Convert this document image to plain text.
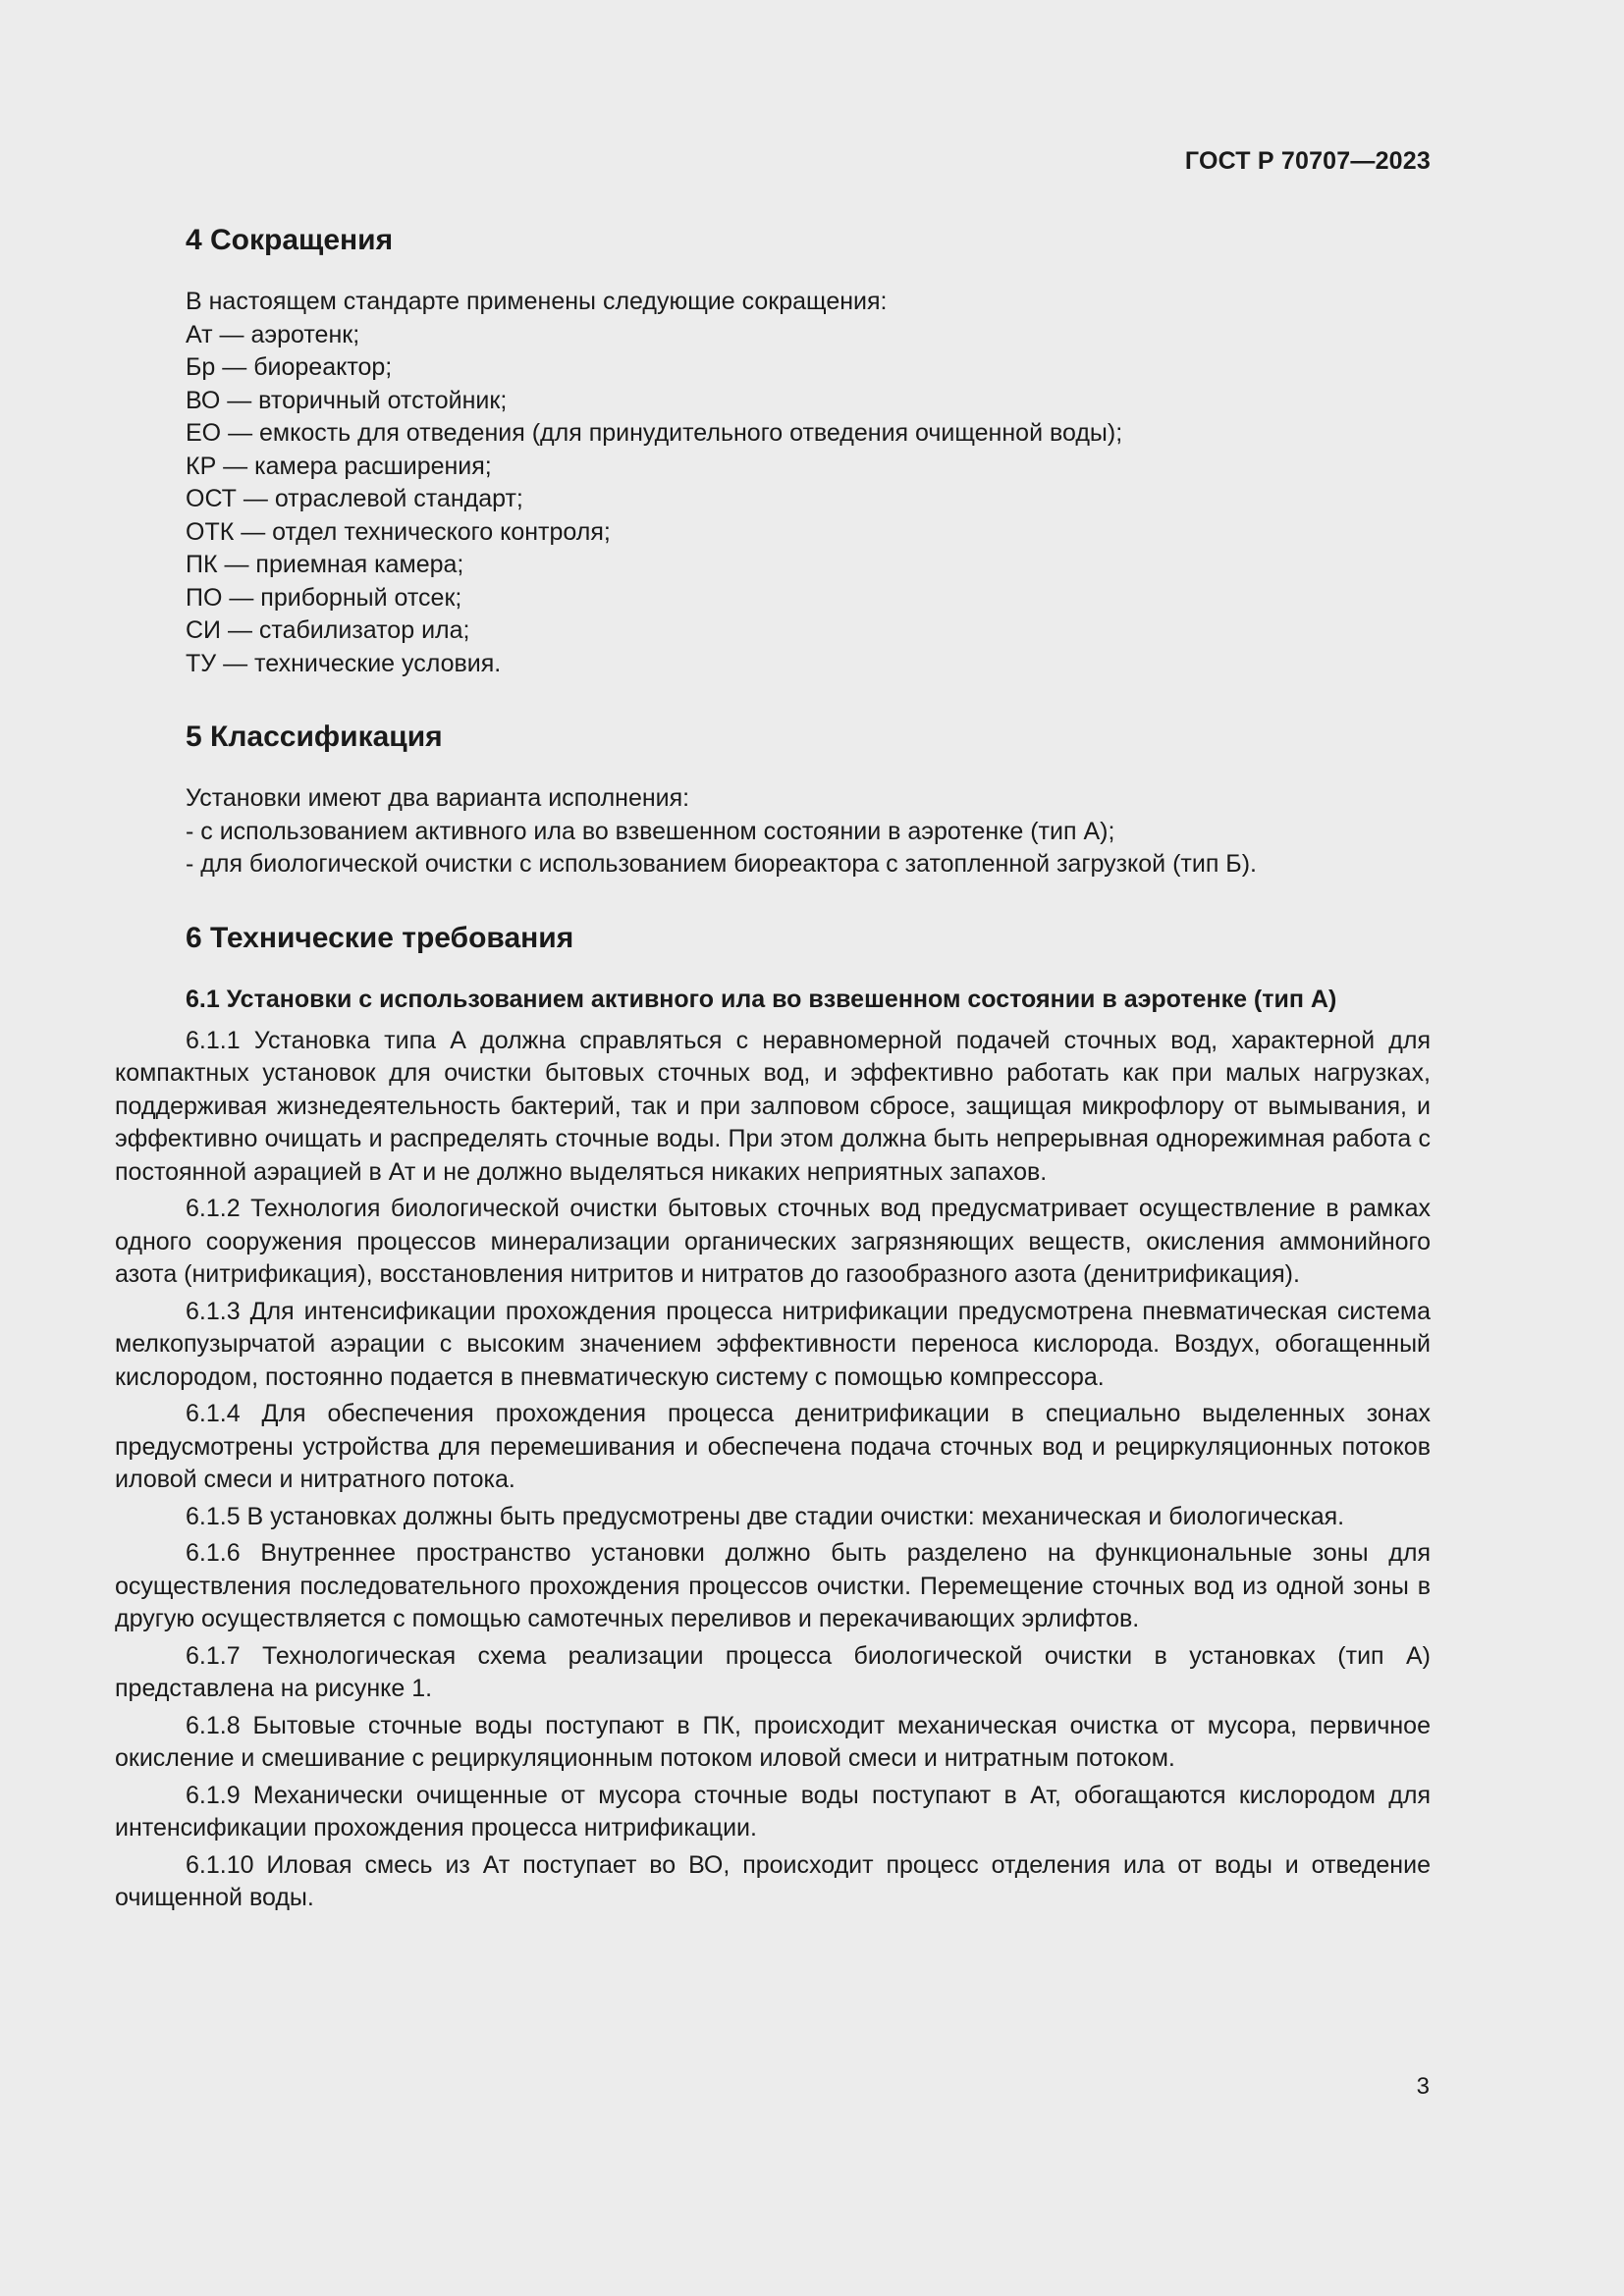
ГОСТ Р 70707—2023
4 Сокращения

В настоящем стандарте применены следующие сокращения:

Ат — аэротенк;

Бр — биореактор;

ВО — вторичный отстойник;

ЕО — емкость для отведения (для принудительного отведения очищенной воды);

КР — камера расширения;

ОСТ — отраслевой стандарт;

ОТК — отдел технического контроля;

ПК — приемная камера;

ПО — приборный отсек;

СИ — стабилизатор ила;

ТУ — технические условия.

5 Классификация

Установки имеют два варианта исполнения:

- с использованием активного ила во взвешенном состоянии в аэротенке (тип А);

- для биологической очистки с использованием биореактора с затопленной загрузкой (тип Б).

6 Технические требования

6.1 Установки с использованием активного ила во взвешенном состоянии в аэротенке (тип А)

6.1.1 Установка типа А должна справляться с неравномерной подачей сточных вод, характерной для компактных установок для очистки бытовых сточных вод, и эффективно работать как при малых нагрузках, поддерживая жизнедеятельность бактерий, так и при залповом сбросе, защищая микрофлору от вымывания, и эффективно очищать и распределять сточные воды. При этом должна быть непрерывная однорежимная работа с постоянной аэрацией в Ат и не должно выделяться никаких неприятных запахов.

6.1.2 Технология биологической очистки бытовых сточных вод предусматривает осуществление в рамках одного сооружения процессов минерализации органических загрязняющих веществ, окисления аммонийного азота (нитрификация), восстановления нитритов и нитратов до газообразного азота (денитрификация).

6.1.3 Для интенсификации прохождения процесса нитрификации предусмотрена пневматическая система мелкопузырчатой аэрации с высоким значением эффективности переноса кислорода. Воздух, обогащенный кислородом, постоянно подается в пневматическую систему с помощью компрессора.

6.1.4 Для обеспечения прохождения процесса денитрификации в специально выделенных зонах предусмотрены устройства для перемешивания и обеспечена подача сточных вод и рециркуляционных потоков иловой смеси и нитратного потока.

6.1.5 В установках должны быть предусмотрены две стадии очистки: механическая и биологическая.

6.1.6 Внутреннее пространство установки должно быть разделено на функциональные зоны для осуществления последовательного прохождения процессов очистки. Перемещение сточных вод из одной зоны в другую осуществляется с помощью самотечных переливов и перекачивающих эрлифтов.

6.1.7 Технологическая схема реализации процесса биологической очистки в установках (тип А) представлена на рисунке 1.

6.1.8 Бытовые сточные воды поступают в ПК, происходит механическая очистка от мусора, первичное окисление и смешивание с рециркуляционным потоком иловой смеси и нитратным потоком.

6.1.9 Механически очищенные от мусора сточные воды поступают в Ат, обогащаются кислородом для интенсификации прохождения процесса нитрификации.

6.1.10 Иловая смесь из Ат поступает во ВО, происходит процесс отделения ила от воды и отведение очищенной воды.

3
